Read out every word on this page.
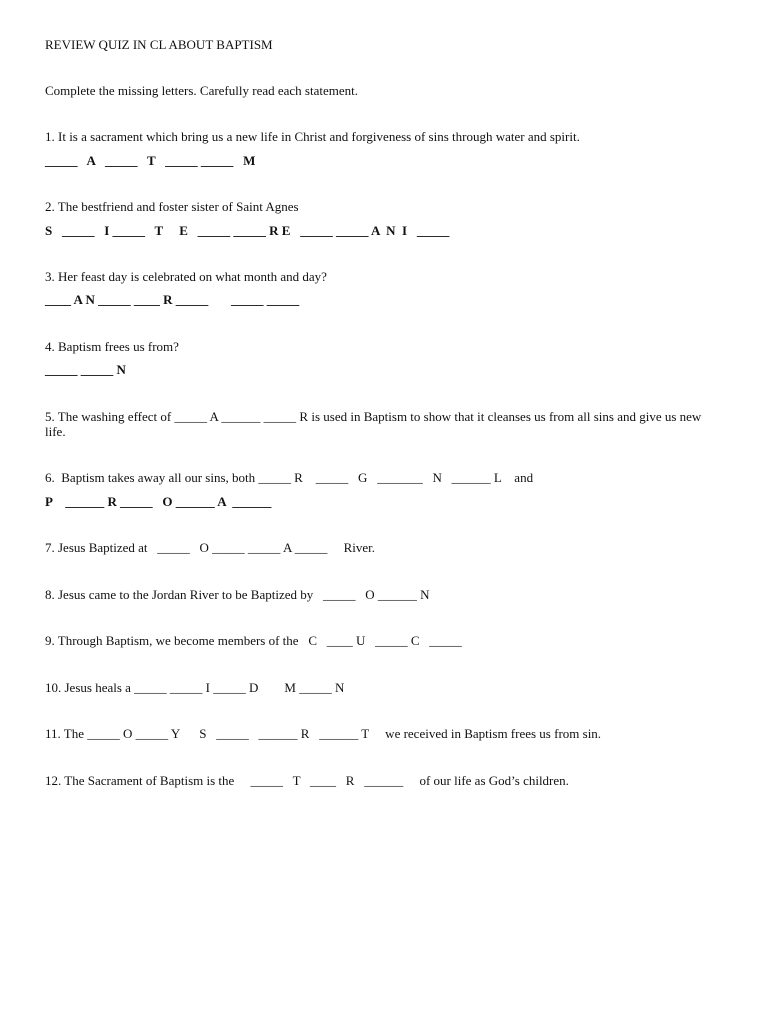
REVIEW QUIZ IN CL ABOUT BAPTISM
Complete the missing letters. Carefully read each statement.
1. It is a sacrament which bring us a new life in Christ and forgiveness of sins through water and spirit.
_____   A   _____   T   _____ _____   M
2. The bestfriend and foster sister of Saint Agnes
S   _____   I _____   T     E   _____ _____ R E   _____ _____ A  N  I   _____
3. Her feast day is celebrated on what month and day?
____ A N _____ ____ R _____       _____ _____
4. Baptism frees us from?
_____ _____ N
5. The washing effect of _____ A ______ _____ R is used in Baptism to show that it cleanses us from all sins and give us new life.
6.  Baptism takes away all our sins, both _____ R    _____   G   _______   N   ______ L    and
P    ______ R _____   O ______ A  ______
7. Jesus Baptized at   _____   O _____ _____ A _____     River.
8. Jesus came to the Jordan River to be Baptized by   _____   O ______ N
9. Through Baptism, we become members of the   C   ____ U   _____ C   _____
10. Jesus heals a _____ _____ I _____ D        M _____ N
11. The _____ O _____ Y      S   _____   ______ R   ______ T     we received in Baptism frees us from sin.
12. The Sacrament of Baptism is the     _____   T   ____   R   ______     of our life as God’s children.
